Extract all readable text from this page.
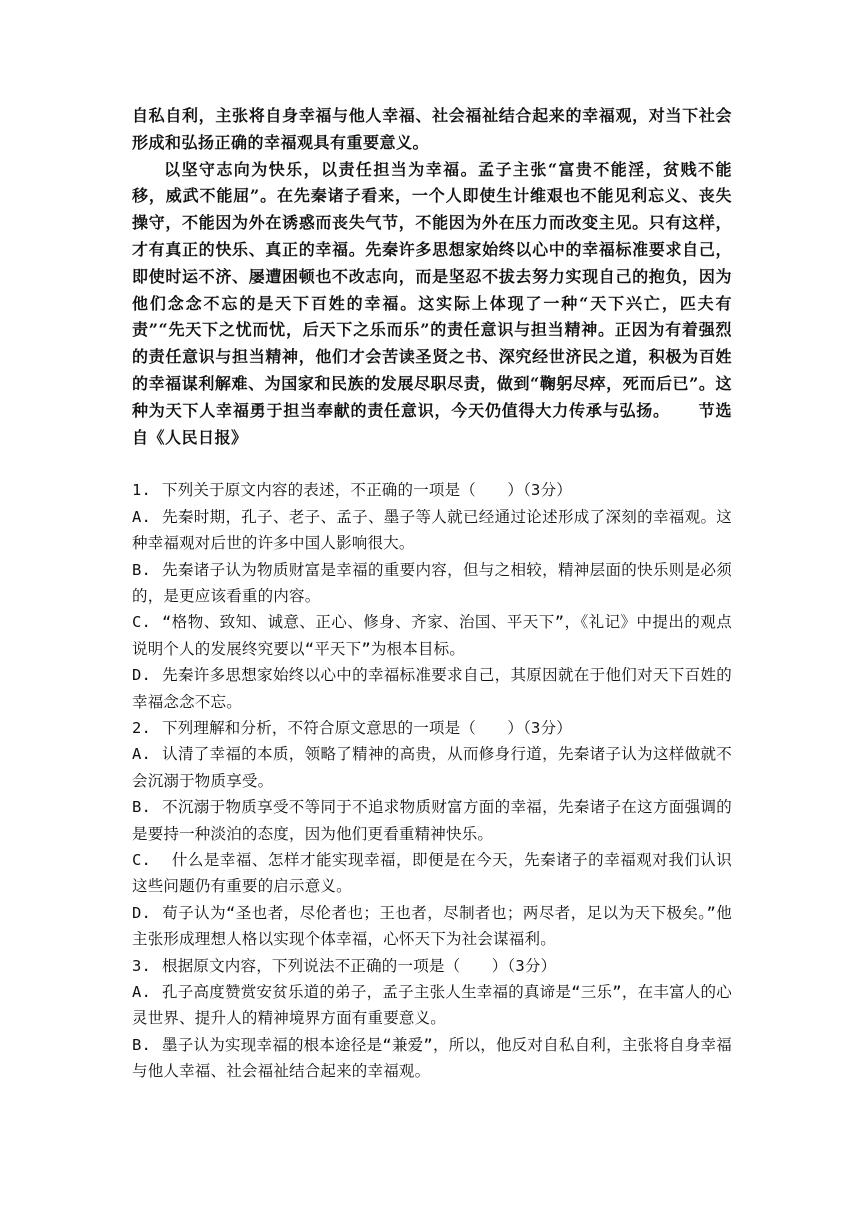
自私自利，主张将自身幸福与他人幸福、社会福祉结合起来的幸福观，对当下社会形成和弘扬正确的幸福观具有重要意义。

以坚守志向为快乐，以责任担当为幸福。孟子主张“富贵不能淫，贫贱不能移，威武不能屈”。在先秦诸子看来，一个人即使生计维艰也不能见利忘义、丧失操守，不能因为外在诱惑而丧失气节，不能因为外在压力而改变主见。只有这样，才有真正的快乐、真正的幸福。先秦许多思想家始终以心中的幸福标准要求自己，即使时运不济、屡遭困顿也不改志向，而是坚忍不拔去努力实现自己的抱负，因为他们念念不忘的是天下百姓的幸福。这实际上体现了一种“天下兴亡，匹夫有责”“先天下之忧而忧，后天下之乐而乐”的责任意识与担当精神。正因为有着强烈的责任意识与担当精神，他们才会苦读圣贤之书、深究经世济民之道，积极为百姓的幸福谋利解难、为国家和民族的发展尽职尽责，做到“鞠躬尽瘁，死而后已”。这种为天下人幸福勇于担当奉献的责任意识，今天仍值得大力传承与弘扬。 节选自《人民日报》

1. 下列关于原文内容的表述，不正确的一项是（　　）（3分）

A. 先秦时期，孔子、老子、孟子、墨子等人就已经通过论述形成了深刻的幸福观。这种幸福观对后世的许多中国人影响很大。

B. 先秦诸子认为物质财富是幸福的重要内容，但与之相较，精神层面的快乐则是必须的，是更应该看重的内容。

C. “格物、致知、诚意、正心、修身、齐家、治国、平天下”，《礼记》中提出的观点说明个人的发展终究要以“平天下”为根本目标。

D. 先秦许多思想家始终以心中的幸福标准要求自己，其原因就在于他们对天下百姓的幸福念念不忘。

2. 下列理解和分析，不符合原文意思的一项是（　　）（3分）

A. 认清了幸福的本质，领略了精神的高贵，从而修身行道，先秦诸子认为这样做就不会沉溺于物质享受。

B. 不沉溺于物质享受不等同于不追求物质财富方面的幸福，先秦诸子在这方面强调的是要持一种淡泊的态度，因为他们更看重精神快乐。

C. 什么是幸福、怎样才能实现幸福，即便是在今天，先秦诸子的幸福观对我们认识这些问题仍有重要的启示意义。

D. 荀子认为“圣也者，尽伦者也；王也者，尽制者也；两尽者，足以为天下极矣。”他主张形成理想人格以实现个体幸福，心怀天下为社会谋福利。

3. 根据原文内容，下列说法不正确的一项是（　　）（3分）

A. 孔子高度赞赏安贫乐道的弟子，孟子主张人生幸福的真谛是“三乐”，在丰富人的心灵世界、提升人的精神境界方面有重要意义。

B. 墨子认为实现幸福的根本途径是“兼爱”，所以，他反对自私自利，主张将自身幸福与他人幸福、社会福祉结合起来的幸福观。
